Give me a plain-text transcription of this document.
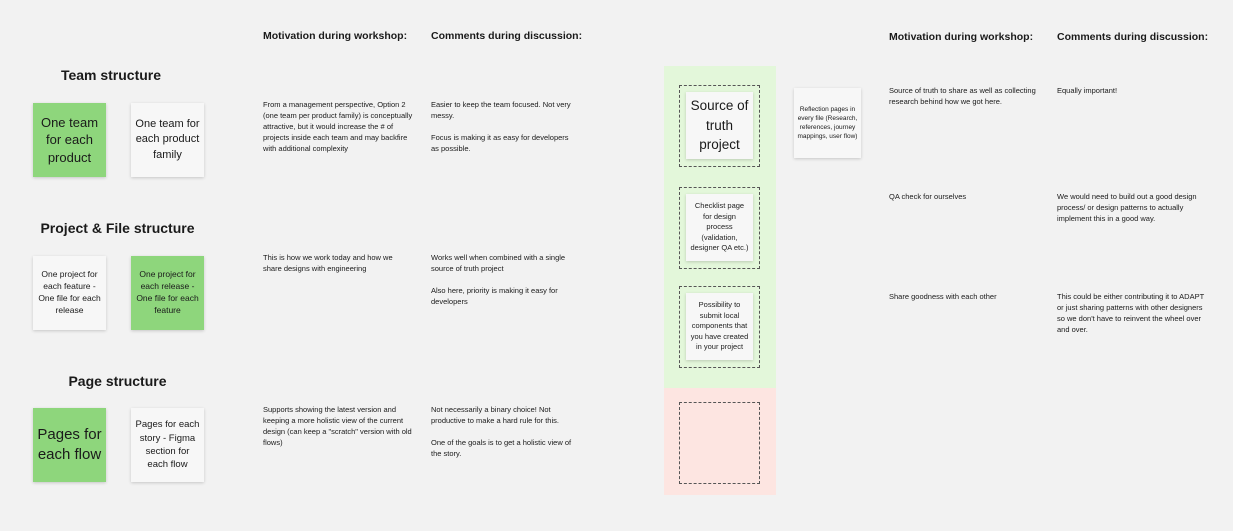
Motivation during workshop: Comments during discussion:
Team structure
One team for each product
One team for each product family
From a management perspective, Option 2 (one team per product family) is conceptually attractive, but it would increase the # of projects inside each team and may backfire with additional complexity
Easier to keep the team focused. Not very messy.

Focus is making it as easy for developers as possible.
Project & File structure
One project for each feature - One file for each release
One project for each release - One file for each feature
This is how we work today and how we share designs with engineering
Works well when combined with a single source of truth project

Also here, priority is making it easy for developers
Page structure
Pages for each flow
Pages for each story - Figma section for each flow
Supports showing the latest version and keeping a more holistic view of the current design (can keep a "scratch" version with old flows)
Not necessarily a binary choice! Not productive to make a hard rule for this.

One of the goals is to get a holistic view of the story.
Source of truth project
Checklist page for design process (validation, designer QA etc.)
Possibility to submit local components that you have created in your project
Reflection pages in every file (Research, references, journey mappings, user flow)
Motivation during workshop: Comments during discussion:
Source of truth to share as well as collecting research behind how we got here.
Equally important!
QA check for ourselves	We would need to build out a good design process/ or design patterns to actually implement this in a good way.
Share goodness with each other	This could be either contributing it to ADAPT or just sharing patterns with other designers so we don't have to reinvent the wheel over and over.
